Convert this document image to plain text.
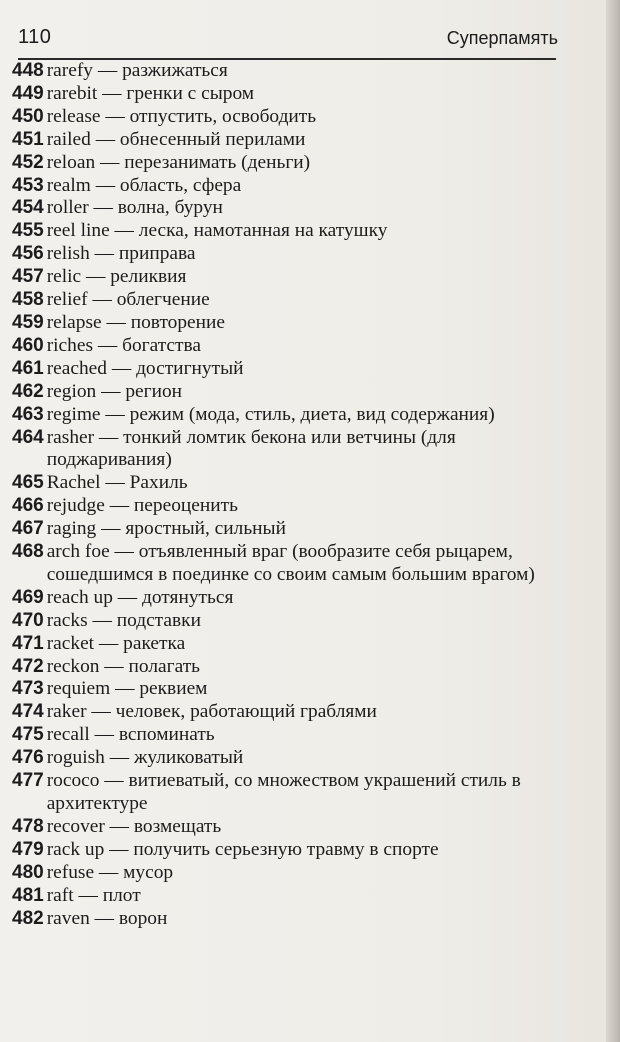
110	Суперпамять
448 rarefy — разжижаться
449 rarebit — гренки с сыром
450 release — отпустить, освободить
451 railed — обнесенный перилами
452 reloan — перезанимать (деньги)
453 realm — область, сфера
454 roller — волна, бурун
455 reel line — леска, намотанная на катушку
456 relish — приправа
457 relic — реликвия
458 relief — облегчение
459 relapse — повторение
460 riches — богатства
461 reached — достигнутый
462 region — регион
463 regime — режим (мода, стиль, диета, вид содержания)
464 rasher — тонкий ломтик бекона или ветчины (для поджаривания)
465 Rachel — Рахиль
466 rejudge — переоценить
467 raging — яростный, сильный
468 arch foe — отъявленный враг (вообразите себя рыцарем, сошедшимся в поединке со своим самым большим врагом)
469 reach up — дотянуться
470 racks — подставки
471 racket — ракетка
472 reckon — полагать
473 requiem — реквием
474 raker — человек, работающий граблями
475 recall — вспоминать
476 roguish — жуликоватый
477 rococo — витиеватый, со множеством украшений стиль в архитектуре
478 recover — возмещать
479 rack up — получить серьезную травму в спорте
480 refuse — мусор
481 raft — плот
482 raven — ворон
